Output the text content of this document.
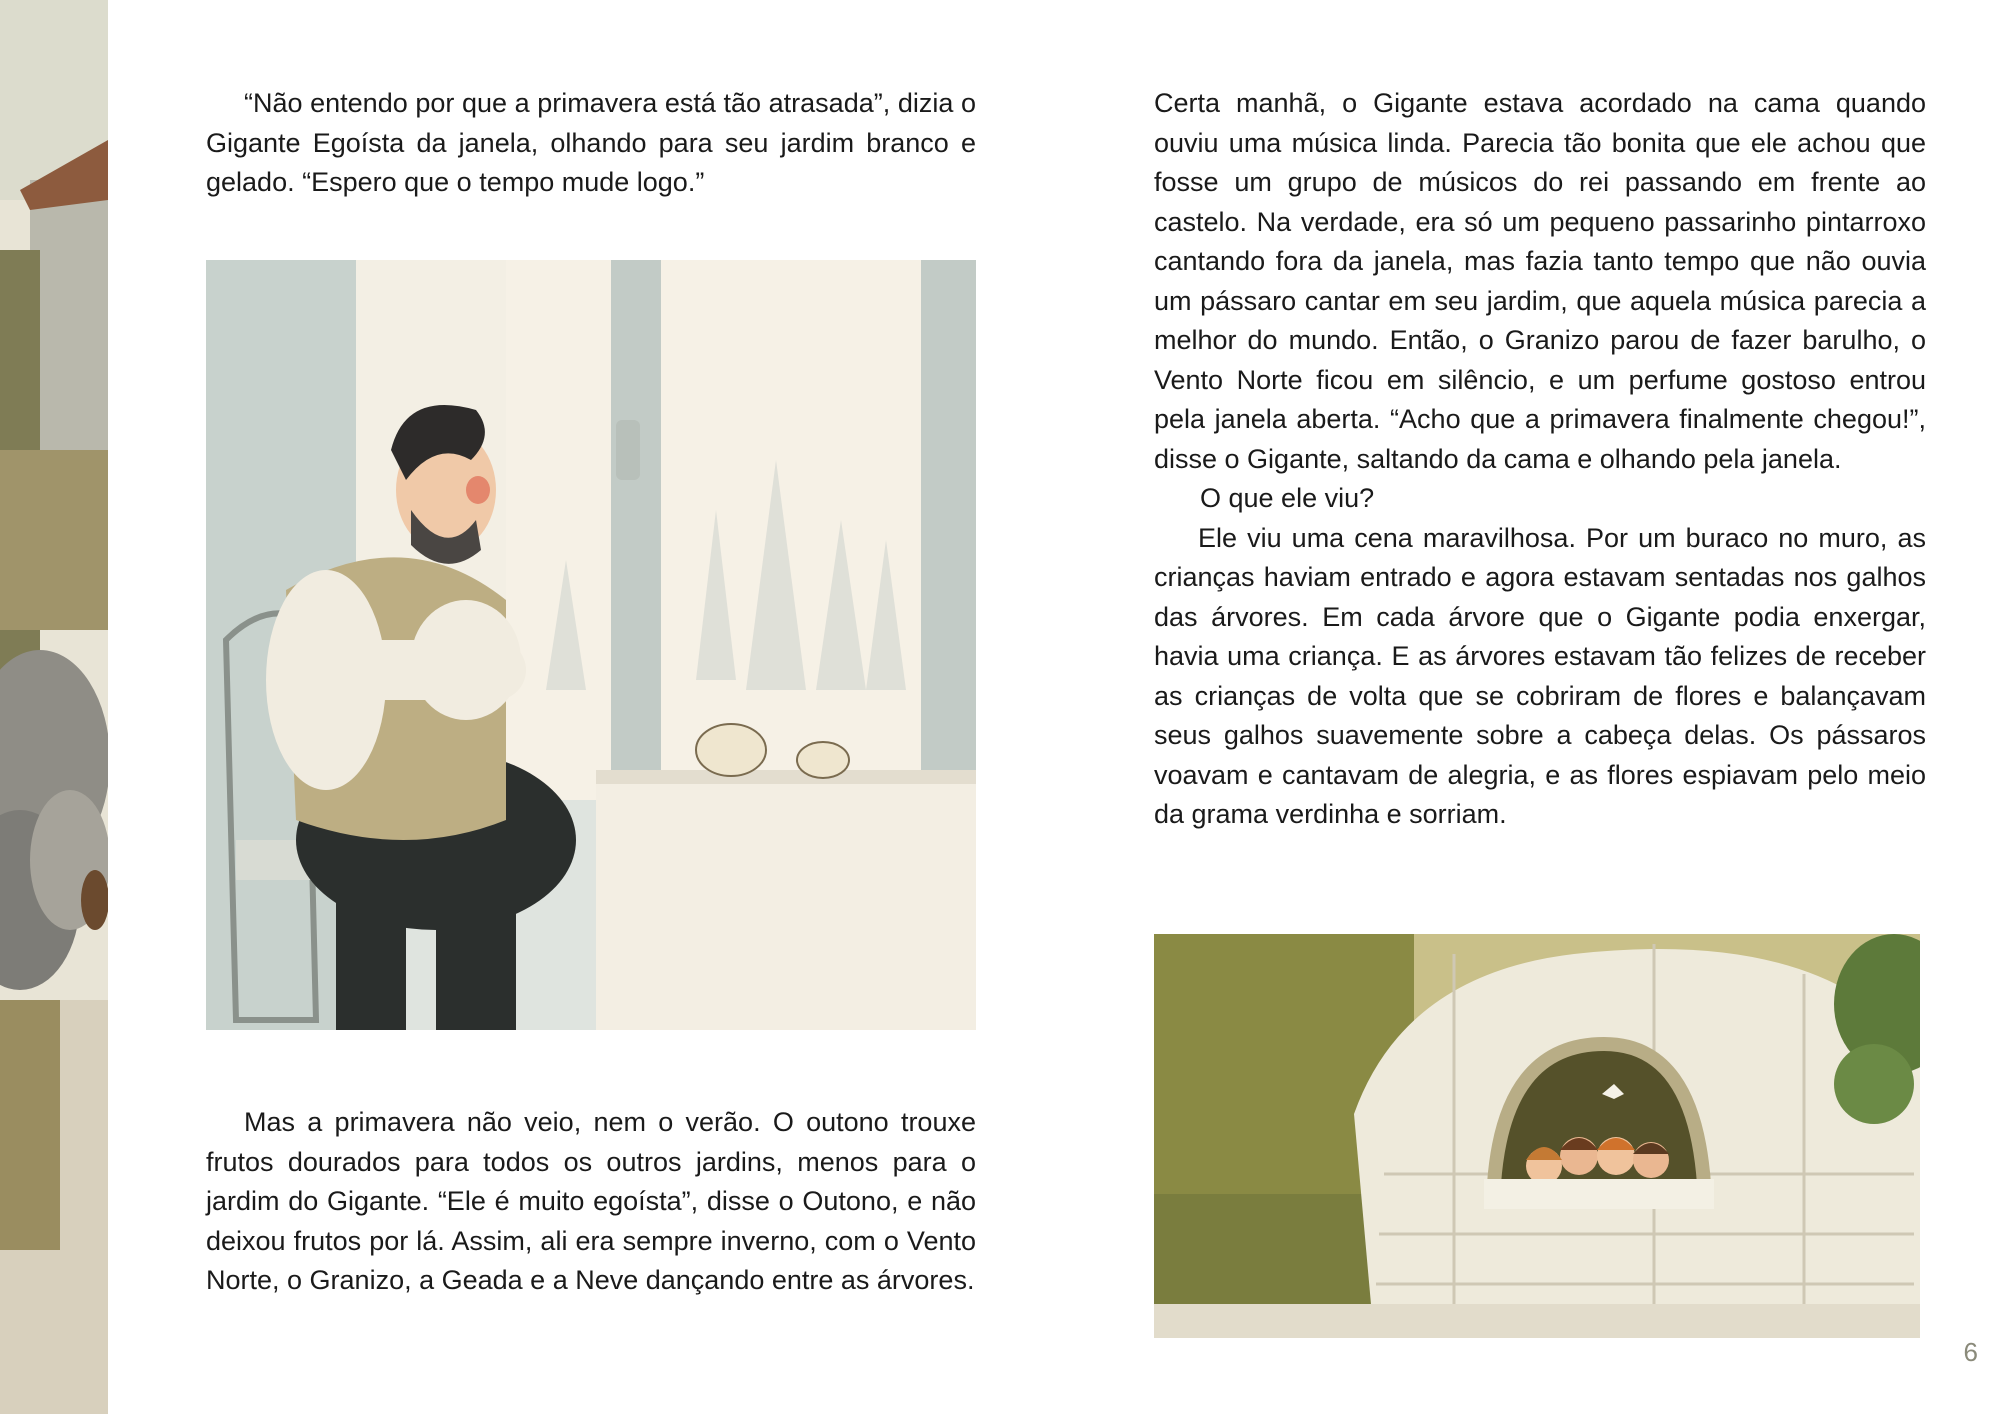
“Não entendo por que a primavera está tão atrasada”, dizia o Gigante Egoísta da janela, olhando para seu jardim branco e gelado. “Espero que o tempo mude logo.”

Mas a primavera não veio, nem o verão. O outono trouxe frutos dourados para todos os outros jardins, menos para o jardim do Gigante. “Ele é muito egoísta”, disse o Outono, e não deixou frutos por lá. Assim, ali era sempre inverno, com o Vento Norte, o Granizo, a Geada e a Neve dançando entre as árvores.

Certa manhã, o Gigante estava acordado na cama quando ouviu uma música linda. Parecia tão bonita que ele achou que fosse um grupo de músicos do rei passando em frente ao castelo. Na verdade, era só um pequeno passarinho pintarroxo cantando fora da janela, mas fazia tanto tempo que não ouvia um pássaro cantar em seu jardim, que aquela música parecia a melhor do mundo. Então, o Granizo parou de fazer barulho, o Vento Norte ficou em silêncio, e um perfume gostoso entrou pela janela aberta. “Acho que a primavera finalmente chegou!”, disse o Gigante, saltando da cama e olhando pela janela.

O que ele viu?

Ele viu uma cena maravilhosa. Por um buraco no muro, as crianças haviam entrado e agora estavam sentadas nos galhos das árvores. Em cada árvore que o Gigante podia enxergar, havia uma criança. E as árvores estavam tão felizes de receber as crianças de volta que se cobriram de flores e balançavam seus galhos suavemente sobre a cabeça delas. Os pássaros voavam e cantavam de alegria, e as flores espiavam pelo meio da grama verdinha e sorriam.

6
